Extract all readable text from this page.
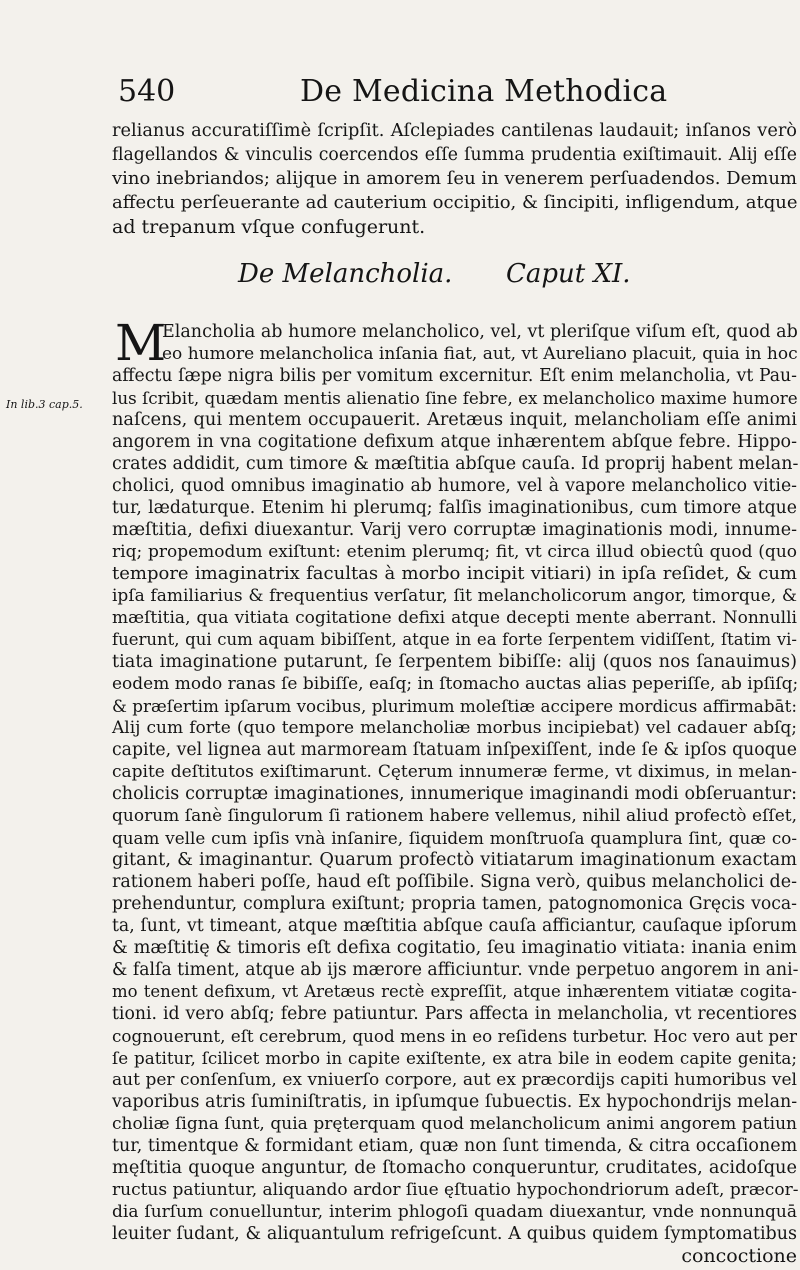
540	De Medicina Methodica
relianus accuratiſſimè ſcripſit. Aſclepiades cantilenas laudauit; inſanos verò
flagellandos & vinculis coercendos eſſe ſumma prudentia exiſtimauit. Alij eſſe
vino inebriandos; alijque in amorem ſeu in venerem perſuadendos. Demum
affectu perſeuerante ad cauterium occipitio, & ſincipiti, infligendum, atque
ad trepanum vſque confugerunt.
De Melancholia. Caput XI.
In lib.3 cap.5.
M
Elancholia ab humore melancholico, vel, vt pleriſque viſum eſt, quod ab
eo humore melancholica inſania fiat, aut, vt Aureliano placuit, quia in hoc
affectu ſæpe nigra bilis per vomitum excernitur. Eſt enim melancholia, vt Pau-
lus ſcribit, quædam mentis alienatio ſine febre, ex melancholico maxime humore
naſcens, qui mentem occupauerit. Aretæus inquit, melancholiam eſſe animi
angorem in vna cogitatione defixum atque inhærentem abſque febre. Hippo-
crates addidit, cum timore & mæſtitia abſque cauſa. Id proprij habent melan-
cholici, quod omnibus imaginatio ab humore, vel à vapore melancholico vitie-
tur, lædaturque. Etenim hi plerumq; falſis imaginationibus, cum timore atque
mæſtitia, defixi diuexantur. Varij vero corruptæ imaginationis modi, innume-
riq; propemodum exiſtunt: etenim plerumq; fit, vt circa illud obiectû quod (quo
tempore imaginatrix facultas à morbo incipit vitiari) in ipſa reſidet, & cum
ipſa familiarius & frequentius verſatur, ſit melancholicorum angor, timorque, &
mæſtitia, qua vitiata cogitatione defixi atque decepti mente aberrant. Nonnulli
fuerunt, qui cum aquam bibiſſent, atque in ea forte ſerpentem vidiſſent, ſtatim vi-
tiata imaginatione putarunt, ſe ſerpentem bibiſſe: alij (quos nos ſanauimus)
eodem modo ranas ſe bibiſſe, eaſq; in ſtomacho auctas alias peperiſſe, ab ipſiſq;
& præſertim ipſarum vocibus, plurimum moleſtiæ accipere mordicus affirmabāt:
Alij cum forte (quo tempore melancholiæ morbus incipiebat) vel cadauer abſq;
capite, vel lignea aut marmoream ſtatuam inſpexiſſent, inde ſe & ipſos quoque
capite deſtitutos exiſtimarunt. Cęterum innumeræ ferme, vt diximus, in melan-
cholicis corruptæ imaginationes, innumerique imaginandi modi obſeruantur:
quorum ſanè ſingulorum ſi rationem habere vellemus, nihil aliud profectò eſſet,
quam velle cum ipſis vnà inſanire, ſiquidem monſtruoſa quamplura ſint, quæ co-
gitant, & imaginantur. Quarum profectò vitiatarum imaginationum exactam
rationem haberi poſſe, haud eſt poſſibile. Signa verò, quibus melancholici de-
prehenduntur, complura exiſtunt; propria tamen, patognomonica Gręcis voca-
ta, ſunt, vt timeant, atque mæſtitia abſque cauſa afficiantur, cauſaque ipſorum
& mæſtitię & timoris eſt defixa cogitatio, ſeu imaginatio vitiata: inania enim
& falſa timent, atque ab ijs mærore afficiuntur. vnde perpetuo angorem in ani-
mo tenent defixum, vt Aretæus rectè expreſſit, atque inhærentem vitiatæ cogita-
tioni. id vero abſq; febre patiuntur. Pars affecta in melancholia, vt recentiores
cognouerunt, eſt cerebrum, quod mens in eo reſidens turbetur. Hoc vero aut per
ſe patitur, ſcilicet morbo in capite exiſtente, ex atra bile in eodem capite genita;
aut per conſenſum, ex vniuerſo corpore, aut ex præcordijs capiti humoribus vel
vaporibus atris ſuminiſtratis, in ipſumque ſubuectis. Ex hypochondrijs melan-
choliæ ſigna ſunt, quia pręterquam quod melancholicum animi angorem patiun
tur, timentque & formidant etiam, quæ non ſunt timenda, & citra occaſionem
męſtitia quoque anguntur, de ſtomacho conqueruntur, cruditates, acidoſque
ructus patiuntur, aliquando ardor ſiue ęſtuatio hypochondriorum adeſt, præcor-
dia ſurſum conuelluntur, interim phlogoſi quadam diuexantur, vnde nonnunquā
leuiter ſudant, & aliquantulum refrigeſcunt. A quibus quidem ſymptomatibus
concoctione
